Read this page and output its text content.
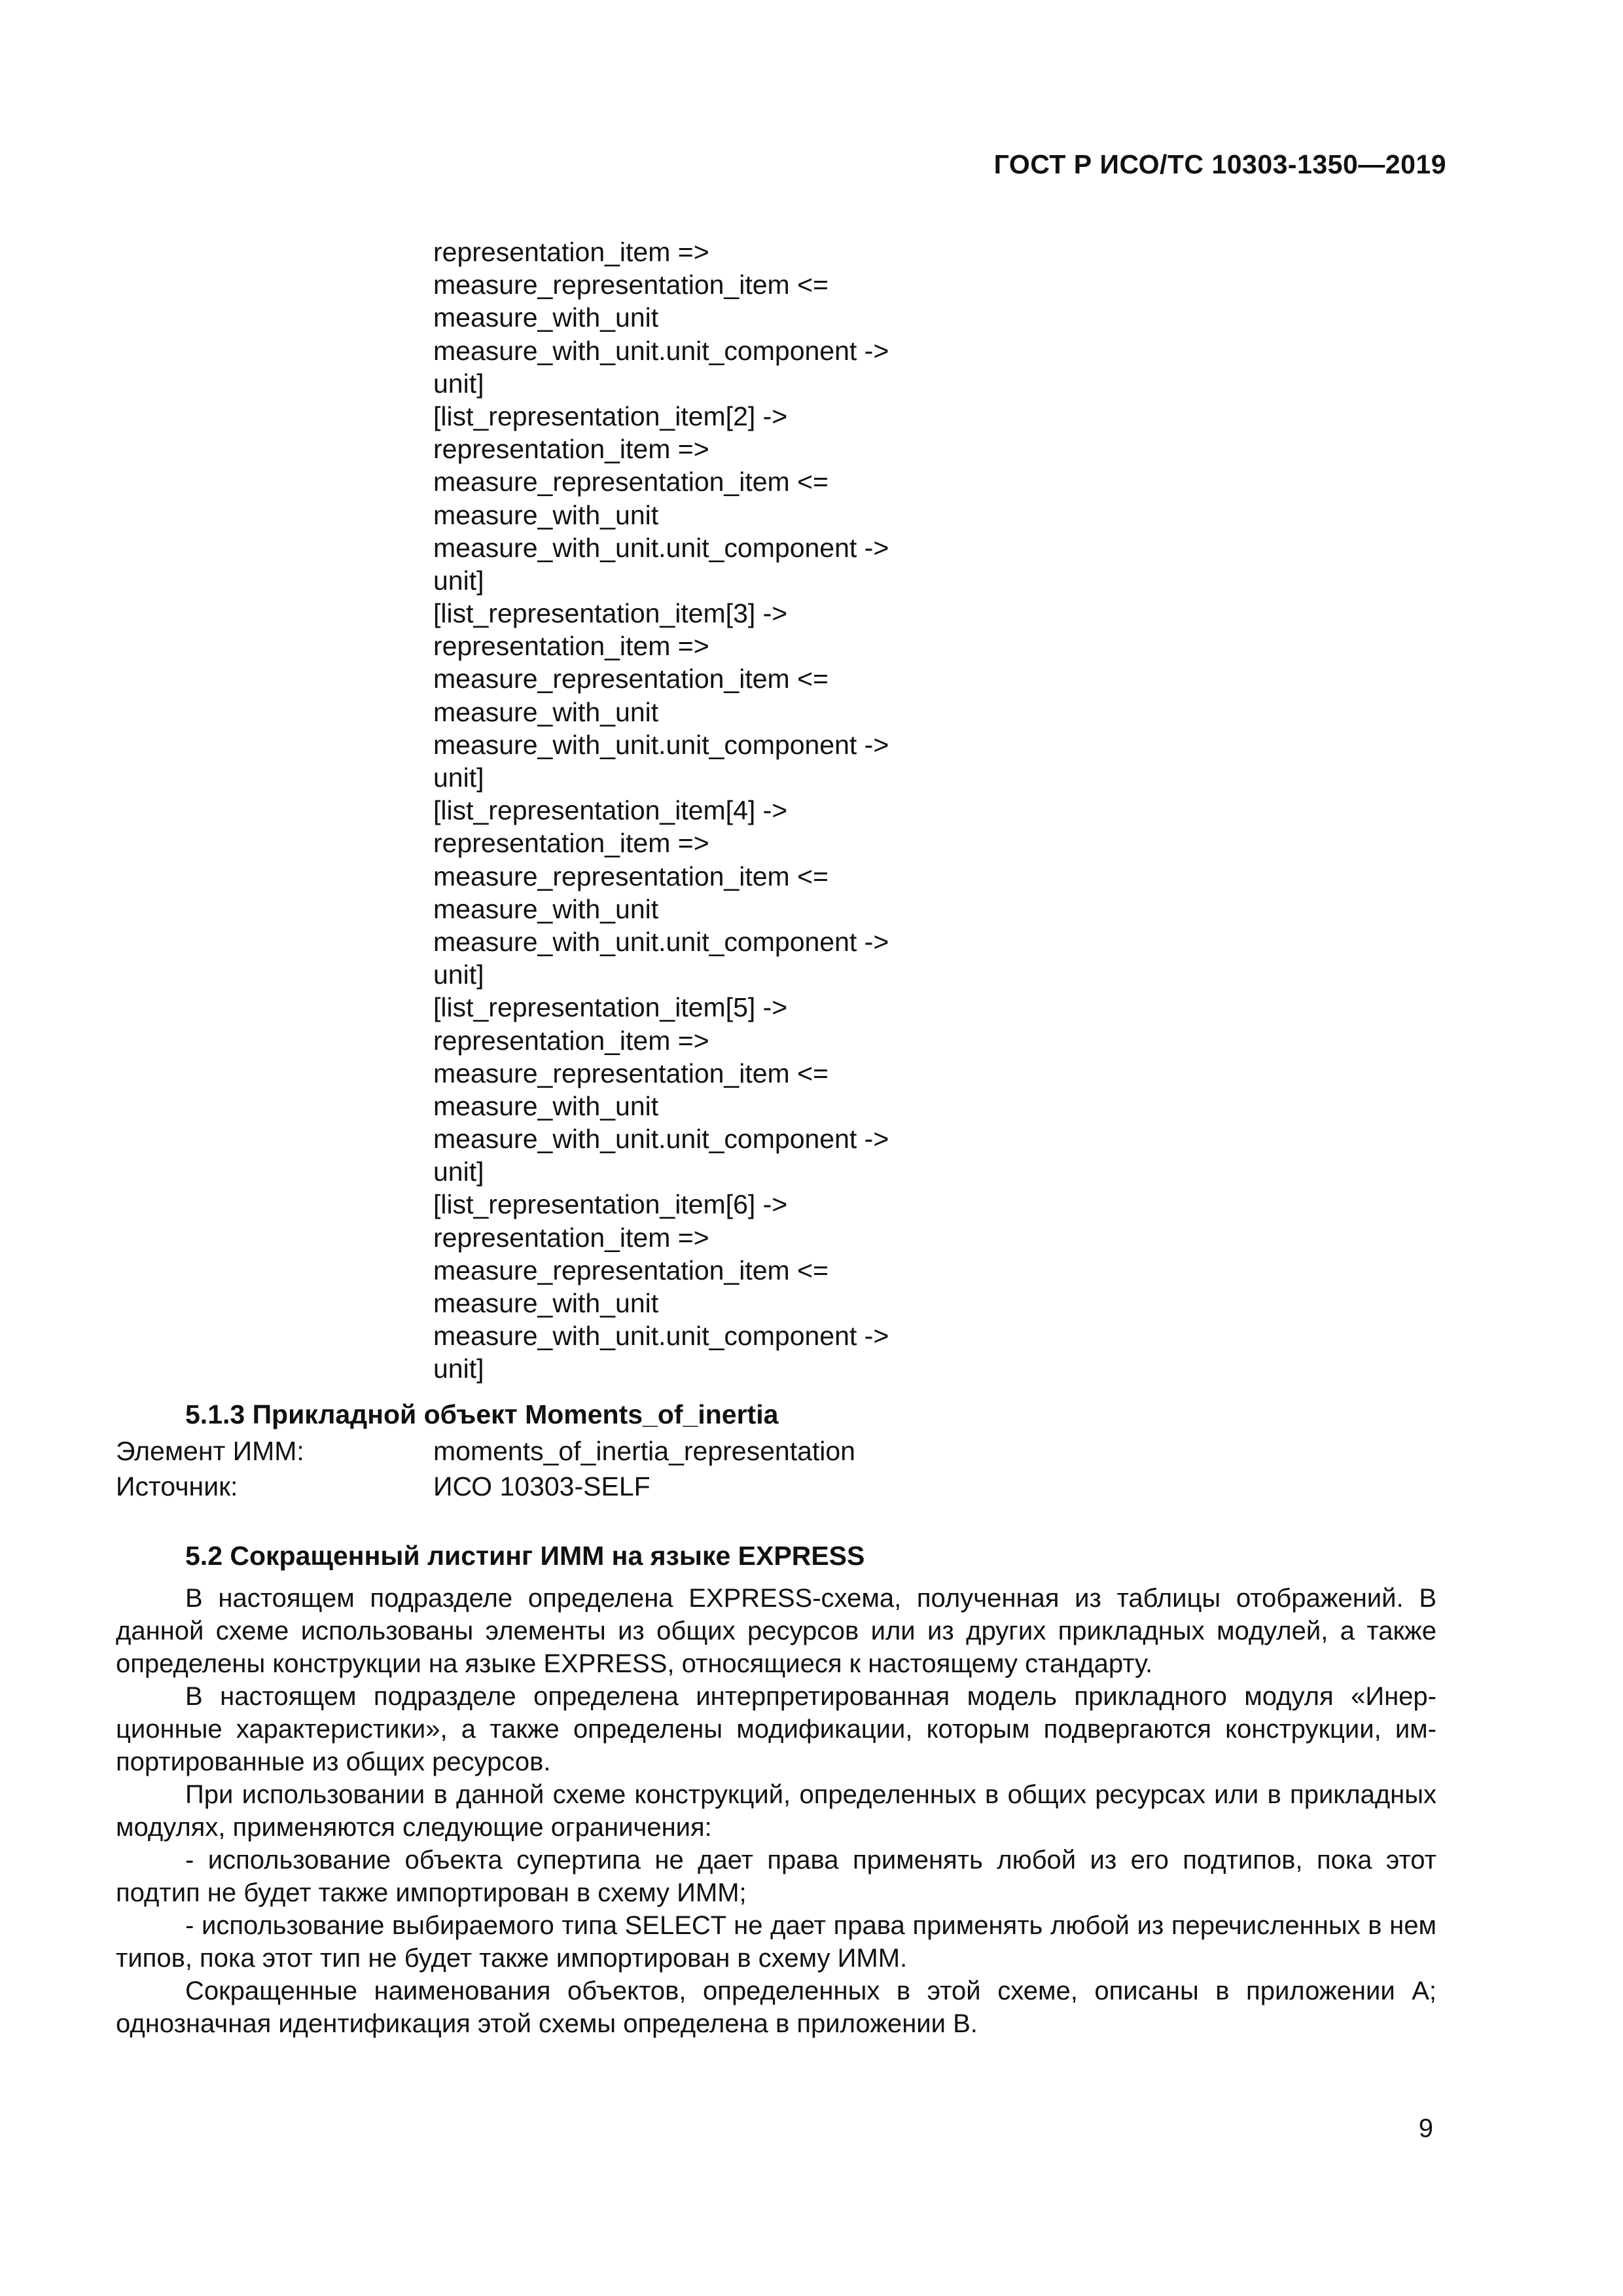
ГОСТ Р ИСО/ТС 10303-1350—2019
representation_item =>
measure_representation_item <=
measure_with_unit
measure_with_unit.unit_component ->
unit]
[list_representation_item[2] ->
representation_item =>
measure_representation_item <=
measure_with_unit
measure_with_unit.unit_component ->
unit]
[list_representation_item[3] ->
representation_item =>
measure_representation_item <=
measure_with_unit
measure_with_unit.unit_component ->
unit]
[list_representation_item[4] ->
representation_item =>
measure_representation_item <=
measure_with_unit
measure_with_unit.unit_component ->
unit]
[list_representation_item[5] ->
representation_item =>
measure_representation_item <=
measure_with_unit
measure_with_unit.unit_component ->
unit]
[list_representation_item[6] ->
representation_item =>
measure_representation_item <=
measure_with_unit
measure_with_unit.unit_component ->
unit]
5.1.3 Прикладной объект Moments_of_inertia
Элемент ИММ:	moments_of_inertia_representation
Источник:	ИСО 10303-SELF
5.2 Сокращенный листинг ИММ на языке EXPRESS

В настоящем подразделе определена EXPRESS-схема, полученная из таблицы отображений. В данной схеме использованы элементы из общих ресурсов или из других прикладных модулей, а также определены конструкции на языке EXPRESS, относящиеся к настоящему стандарту.

В настоящем подразделе определена интерпретированная модель прикладного модуля «Инерционные характеристики», а также определены модификации, которым подвергаются конструкции, импортированные из общих ресурсов.

При использовании в данной схеме конструкций, определенных в общих ресурсах или в прикладных модулях, применяются следующие ограничения:

- использование объекта супертипа не дает права применять любой из его подтипов, пока этот подтип не будет также импортирован в схему ИММ;

- использование выбираемого типа SELECT не дает права применять любой из перечисленных в нем типов, пока этот тип не будет также импортирован в схему ИММ.

Сокращенные наименования объектов, определенных в этой схеме, описаны в приложении А; однозначная идентификация этой схемы определена в приложении В.

9
